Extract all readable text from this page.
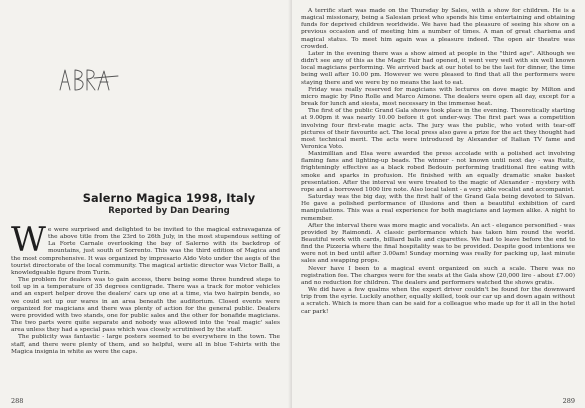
Salerno Magica 1998, Italy
Reported by Dan Dearing

We were surprised and delighted to be invited to the magical extravaganza of the above title from the 23rd to 26th July, in the most stupendous setting of La Forte Carnale overlooking the bay of Salerno with its backdrop of mountains, just south of Sorrento. This was the third edition of Magica and the most comprehensive. It was organized by impresario Aldo Voto under the aegis of the tourist directorate of the local community. The magical artistic director was Victor Balli, a knowledgeable figure from Turin.

The problem for dealers was to gain access, there being some three hundred steps to toil up in a temperature of 35 degrees centigrade. There was a track for motor vehicles and an expert helper drove the dealers' cars up one at a time, via two hairpin bends, so we could set up our wares in an area beneath the auditorium. Closed events were organized for magicians and there was plenty of action for the general public. Dealers were provided with two stands, one for public sales and the other for bonafide magicians. The two parts were quite separate and nobody was allowed into the 'real magic' sales area unless they had a special pass which was closely scrutinised by the staff.

The publicity was fantastic - large posters seemed to be everywhere in the town. The staff, and there were plenty of them, and so helpful, were all in blue T-shirts with the Magica insignia in white as were the caps.

288

A terrific start was made on the Thursday by Sales, with a show for children. He is a magical missionary, being a Salesian priest who spends his time entertaining and obtaining funds for deprived children worldwide. We have had the pleasure of seeing his show on a previous occasion and of meeting him a number of times. A man of great charisma and magical status. To meet him again was a pleasure indeed. The open air theatre was crowded.

Later in the evening there was a show aimed at people in the "third age". Although we didn't see any of this as the Magic Fair had opened, it went very well with six well known local magicians performing. We arrived back at our hotel to be the last for dinner, the time being well after 10.00 pm. However we were pleased to find that all the performers were staying there and we were by no means the last to eat.

Friday was really reserved for magicians with lectures on dove magic by Milton and micro magic by Pino Rolle and Marco Aimone. The dealers were open all day, except for a break for lunch and siesta, most necessary in the immense heat.

The first of the public Grand Gala shows took place in the evening. Theoretically starting at 9.00pm it was nearly 10.00 before it got under-way. The first part was a competition involving four first-rate magic acts. The jury was the public, who voted with tear-off pictures of their favourite act. The local press also gave a prize for the act they thought had most technical merit. The acts were introduced by Alexander of Italian TV fame and Veronica Voto.

Maximillian and Elsa were awarded the press accolade with a polished act involving flaming fans and lighting-up beads. The winner - not known until next day - was Ruitz, frighteningly effective as a black robed Bedouin performing traditional fire eating with smoke and sparks in profusion. He finished with an equally dramatic snake basket presentation. After the interval we were treated to the magic of Alexander - mystery with rope and a borrowed 1000 lire note. Also local talent - a very able vocalist and accompanist.

Saturday was the big day, with the first half of the Grand Gala being devoted to Silvan. He gave a polished performance of illusions and then a beautiful exhibition of card manipulations. This was a real experience for both magicians and laymen alike. A night to remember.

After the interval there was more magic and vocalists. An act - elegance personified - was provided by Raimondi. A classic performance which has taken him round the world. Beautiful work with cards, billiard balls and cigarettes. We had to leave before the end to find the Pizzeria where the final hospitality was to be provided. Despite good intentions we were not in bed until after 3.00am! Sunday morning was really for packing up, last minute sales and swapping props.

Never have I been to a magical event organized on such a scale. There was no registration fee. The charges were for the seats at the Gala show (20,000 lire - about £7.00) and no reduction for children. The dealers and performers watched the shows gratis.

We did have a few qualms when the expert driver couldn't be found for the downward trip from the eyrie. Luckily another, equally skilled, took our car up and down again without a scratch. Which is more than can be said for a colleague who made up for it all in the hotel car park!

289
